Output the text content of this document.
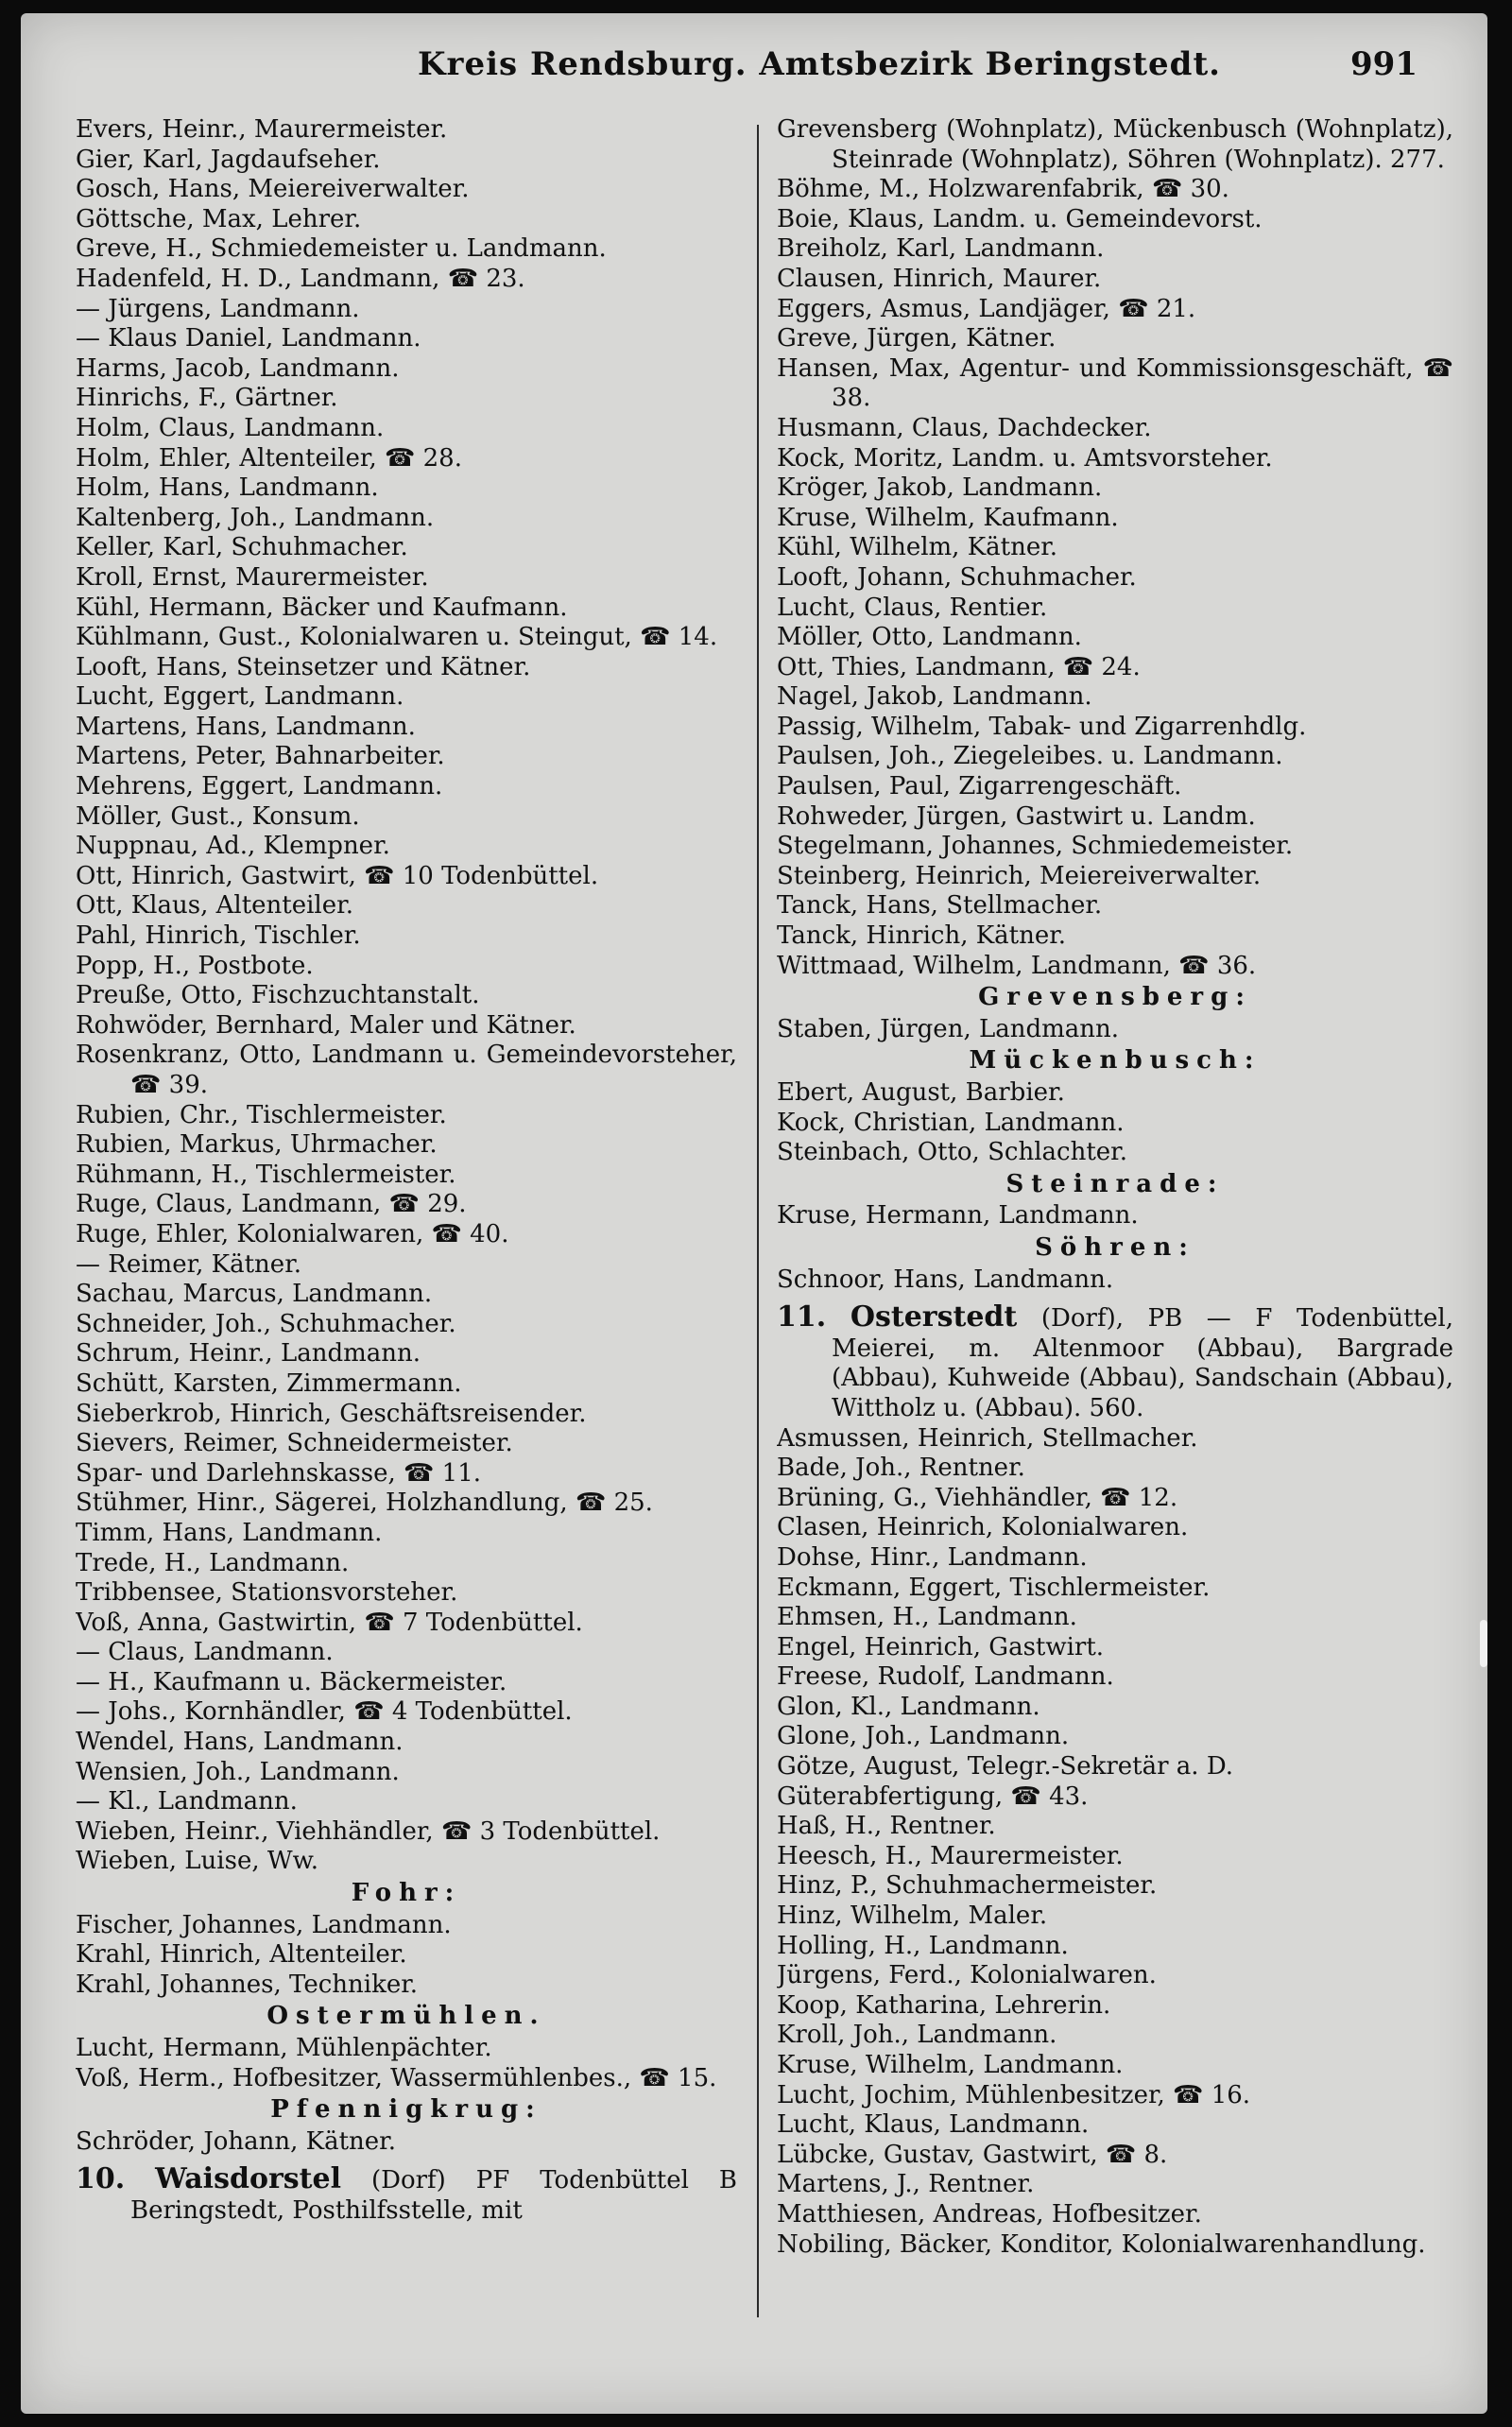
Kreis Rendsburg. Amtsbezirk Beringstedt.	991

Evers, Heinr., Maurermeister.

Gier, Karl, Jagdaufseher.

Gosch, Hans, Meiereiverwalter.

Göttsche, Max, Lehrer.

Greve, H., Schmiedemeister u. Landmann.

Hadenfeld, H. D., Landmann, ☎ 23.

— Jürgens, Landmann.

— Klaus Daniel, Landmann.

Harms, Jacob, Landmann.

Hinrichs, F., Gärtner.

Holm, Claus, Landmann.

Holm, Ehler, Altenteiler, ☎ 28.

Holm, Hans, Landmann.

Kaltenberg, Joh., Landmann.

Keller, Karl, Schuhmacher.

Kroll, Ernst, Maurermeister.

Kühl, Hermann, Bäcker und Kaufmann.

Kühlmann, Gust., Kolonialwaren u. Steingut, ☎ 14.

Looft, Hans, Steinsetzer und Kätner.

Lucht, Eggert, Landmann.

Martens, Hans, Landmann.

Martens, Peter, Bahnarbeiter.

Mehrens, Eggert, Landmann.

Möller, Gust., Konsum.

Nuppnau, Ad., Klempner.

Ott, Hinrich, Gastwirt, ☎ 10 Todenbüttel.

Ott, Klaus, Altenteiler.

Pahl, Hinrich, Tischler.

Popp, H., Postbote.

Preuße, Otto, Fischzuchtanstalt.

Rohwöder, Bernhard, Maler und Kätner.

Rosenkranz, Otto, Landmann u. Gemeindevorsteher, ☎ 39.

Rubien, Chr., Tischlermeister.

Rubien, Markus, Uhrmacher.

Rühmann, H., Tischlermeister.

Ruge, Claus, Landmann, ☎ 29.

Ruge, Ehler, Kolonialwaren, ☎ 40.

— Reimer, Kätner.

Sachau, Marcus, Landmann.

Schneider, Joh., Schuhmacher.

Schrum, Heinr., Landmann.

Schütt, Karsten, Zimmermann.

Sieberkrob, Hinrich, Geschäftsreisender.

Sievers, Reimer, Schneidermeister.

Spar- und Darlehnskasse, ☎ 11.

Stühmer, Hinr., Sägerei, Holzhandlung, ☎ 25.

Timm, Hans, Landmann.

Trede, H., Landmann.

Tribbensee, Stationsvorsteher.

Voß, Anna, Gastwirtin, ☎ 7 Todenbüttel.

— Claus, Landmann.

— H., Kaufmann u. Bäckermeister.

— Johs., Kornhändler, ☎ 4 Todenbüttel.

Wendel, Hans, Landmann.

Wensien, Joh., Landmann.

— Kl., Landmann.

Wieben, Heinr., Viehhändler, ☎ 3 Todenbüttel.

Wieben, Luise, Ww.

Fohr:

Fischer, Johannes, Landmann.

Krahl, Hinrich, Altenteiler.

Krahl, Johannes, Techniker.

Ostermühlen.

Lucht, Hermann, Mühlenpächter.

Voß, Herm., Hofbesitzer, Wassermühlenbes., ☎ 15.

Pfennigkrug:

Schröder, Johann, Kätner.

10. Waisdorstel (Dorf) PF Todenbüttel B Beringstedt, Posthilfsstelle, mit

Grevensberg (Wohnplatz), Mückenbusch (Wohnplatz), Steinrade (Wohnplatz), Söhren (Wohnplatz). 277.

Böhme, M., Holzwarenfabrik, ☎ 30.

Boie, Klaus, Landm. u. Gemeindevorst.

Breiholz, Karl, Landmann.

Clausen, Hinrich, Maurer.

Eggers, Asmus, Landjäger, ☎ 21.

Greve, Jürgen, Kätner.

Hansen, Max, Agentur- und Kommissionsgeschäft, ☎ 38.

Husmann, Claus, Dachdecker.

Kock, Moritz, Landm. u. Amtsvorsteher.

Kröger, Jakob, Landmann.

Kruse, Wilhelm, Kaufmann.

Kühl, Wilhelm, Kätner.

Looft, Johann, Schuhmacher.

Lucht, Claus, Rentier.

Möller, Otto, Landmann.

Ott, Thies, Landmann, ☎ 24.

Nagel, Jakob, Landmann.

Passig, Wilhelm, Tabak- und Zigarrenhdlg.

Paulsen, Joh., Ziegeleibes. u. Landmann.

Paulsen, Paul, Zigarrengeschäft.

Rohweder, Jürgen, Gastwirt u. Landm.

Stegelmann, Johannes, Schmiedemeister.

Steinberg, Heinrich, Meiereiverwalter.

Tanck, Hans, Stellmacher.

Tanck, Hinrich, Kätner.

Wittmaad, Wilhelm, Landmann, ☎ 36.

Grevensberg:

Staben, Jürgen, Landmann.

Mückenbusch:

Ebert, August, Barbier.

Kock, Christian, Landmann.

Steinbach, Otto, Schlachter.

Steinrade:

Kruse, Hermann, Landmann.

Söhren:

Schnoor, Hans, Landmann.

11. Osterstedt (Dorf), PB — F Todenbüttel, Meierei, m. Altenmoor (Abbau), Bargrade (Abbau), Kuhweide (Abbau), Sandschain (Abbau), Wittholz u. (Abbau). 560.

Asmussen, Heinrich, Stellmacher.

Bade, Joh., Rentner.

Brüning, G., Viehhändler, ☎ 12.

Clasen, Heinrich, Kolonialwaren.

Dohse, Hinr., Landmann.

Eckmann, Eggert, Tischlermeister.

Ehmsen, H., Landmann.

Engel, Heinrich, Gastwirt.

Freese, Rudolf, Landmann.

Glon, Kl., Landmann.

Glone, Joh., Landmann.

Götze, August, Telegr.-Sekretär a. D.

Güterabfertigung, ☎ 43.

Haß, H., Rentner.

Heesch, H., Maurermeister.

Hinz, P., Schuhmachermeister.

Hinz, Wilhelm, Maler.

Holling, H., Landmann.

Jürgens, Ferd., Kolonialwaren.

Koop, Katharina, Lehrerin.

Kroll, Joh., Landmann.

Kruse, Wilhelm, Landmann.

Lucht, Jochim, Mühlenbesitzer, ☎ 16.

Lucht, Klaus, Landmann.

Lübcke, Gustav, Gastwirt, ☎ 8.

Martens, J., Rentner.

Matthiesen, Andreas, Hofbesitzer.

Nobiling, Bäcker, Konditor, Kolonialwarenhandlung.
